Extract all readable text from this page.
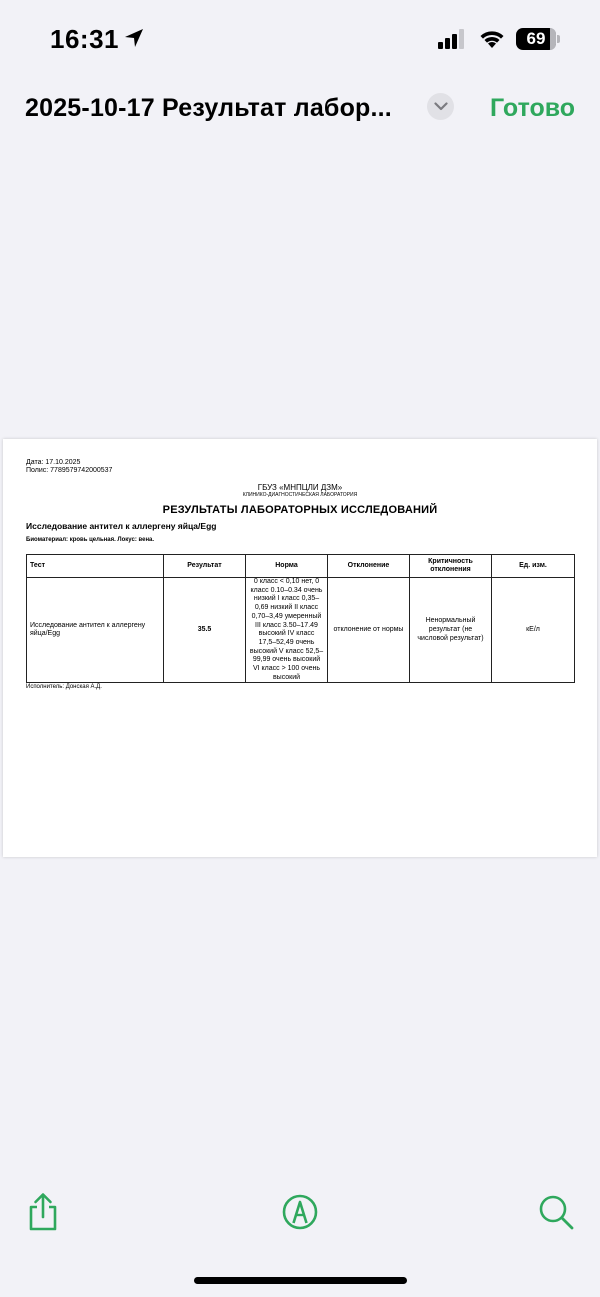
16:31	69
2025-10-17 Результат лабор...	Готово
Дата: 17.10.2025
Полис: 7789579742000537
ГБУЗ «МНПЦЛИ ДЗМ»
КЛИНИКО-ДИАГНОСТИЧЕСКАЯ ЛАБОРАТОРИЯ
РЕЗУЛЬТАТЫ ЛАБОРАТОРНЫХ ИССЛЕДОВАНИЙ
Исследование антител к аллергену яйца/Egg
Биоматериал: кровь цельная. Локус: вена.
Тест	Результат	Норма	Отклонение	Критичность отклонения	Ед. изм.
Исследование антител к аллергену яйца/Egg	35.5	0 класс < 0,10 нет, 0 класс 0.10–0.34 очень низкий I класс 0,35–0,69 низкий II класс 0,70–3,49 умеренный III класс 3.50–17.49 высокий IV класс 17,5–52,49 очень высокий V класс 52,5–99,99 очень высокий VI класс > 100 очень высокий	отклонение от нормы	Ненормальный результат (не числовой результат)	кЕ/л
Исполнитель: Донская А.Д.
